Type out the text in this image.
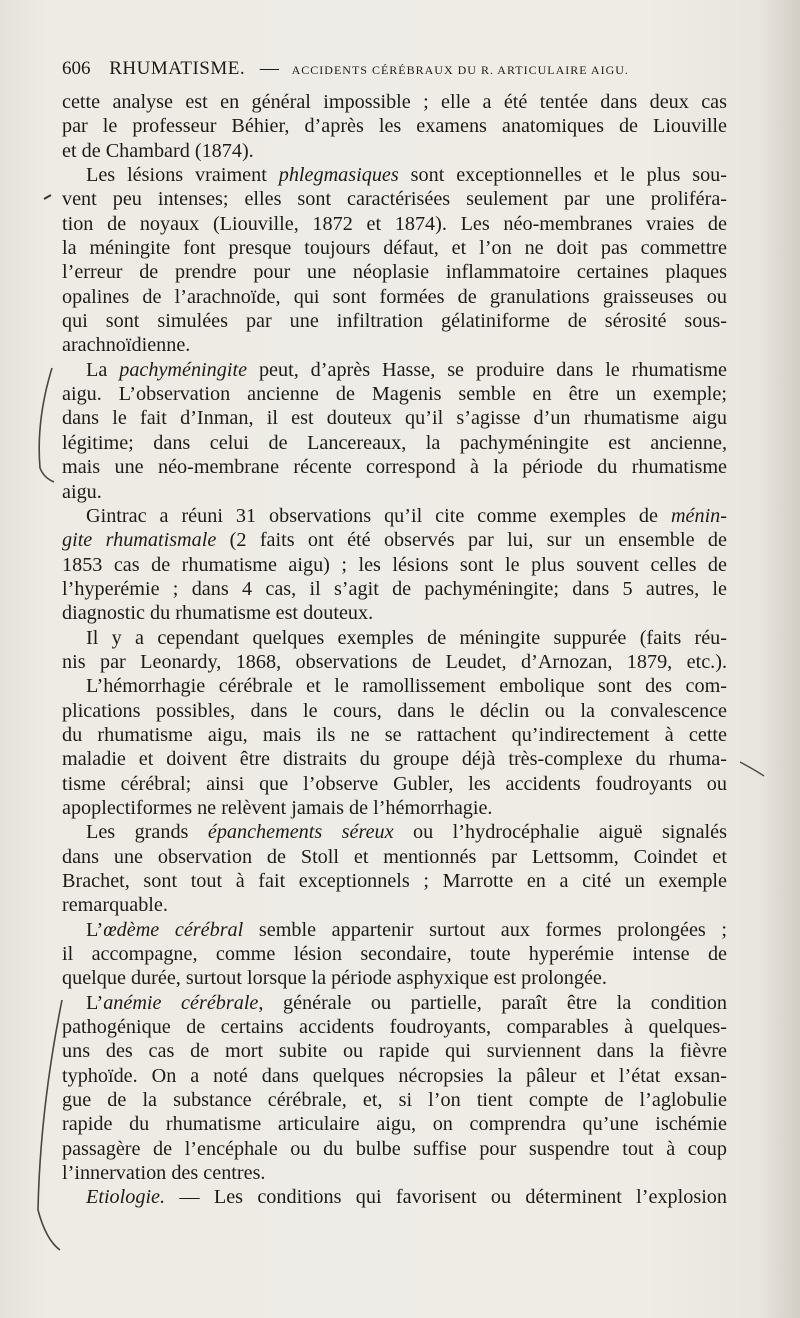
606 RHUMATISME. — ACCIDENTS CÉRÉBRAUX DU R. ARTICULAIRE AIGU.
cette analyse est en général impossible ; elle a été tentée dans deux cas
par le professeur Béhier, d’après les examens anatomiques de Liouville
et de Chambard (1874).
Les lésions vraiment phlegmasiques sont exceptionnelles et le plus sou-
vent peu intenses; elles sont caractérisées seulement par une proliféra-
tion de noyaux (Liouville, 1872 et 1874). Les néo-membranes vraies de
la méningite font presque toujours défaut, et l’on ne doit pas commettre
l’erreur de prendre pour une néoplasie inflammatoire certaines plaques
opalines de l’arachnoïde, qui sont formées de granulations graisseuses ou
qui sont simulées par une infiltration gélatiniforme de sérosité sous-
arachnoïdienne.
La pachyméningite peut, d’après Hasse, se produire dans le rhumatisme
aigu. L’observation ancienne de Magenis semble en être un exemple;
dans le fait d’Inman, il est douteux qu’il s’agisse d’un rhumatisme aigu
légitime; dans celui de Lancereaux, la pachyméningite est ancienne,
mais une néo-membrane récente correspond à la période du rhumatisme
aigu.
Gintrac a réuni 31 observations qu’il cite comme exemples de ménin-
gite rhumatismale (2 faits ont été observés par lui, sur un ensemble de
1853 cas de rhumatisme aigu) ; les lésions sont le plus souvent celles de
l’hyperémie ; dans 4 cas, il s’agit de pachyméningite; dans 5 autres, le
diagnostic du rhumatisme est douteux.
Il y a cependant quelques exemples de méningite suppurée (faits réu-
nis par Leonardy, 1868, observations de Leudet, d’Arnozan, 1879, etc.).
L’hémorrhagie cérébrale et le ramollissement embolique sont des com-
plications possibles, dans le cours, dans le déclin ou la convalescence
du rhumatisme aigu, mais ils ne se rattachent qu’indirectement à cette
maladie et doivent être distraits du groupe déjà très-complexe du rhuma-
tisme cérébral; ainsi que l’observe Gubler, les accidents foudroyants ou
apoplectiformes ne relèvent jamais de l’hémorrhagie.
Les grands épanchements séreux ou l’hydrocéphalie aiguë signalés
dans une observation de Stoll et mentionnés par Lettsomm, Coindet et
Brachet, sont tout à fait exceptionnels ; Marrotte en a cité un exemple
remarquable.
L’œdème cérébral semble appartenir surtout aux formes prolongées ;
il accompagne, comme lésion secondaire, toute hyperémie intense de
quelque durée, surtout lorsque la période asphyxique est prolongée.
L’anémie cérébrale, générale ou partielle, paraît être la condition
pathogénique de certains accidents foudroyants, comparables à quelques-
uns des cas de mort subite ou rapide qui surviennent dans la fièvre
typhoïde. On a noté dans quelques nécropsies la pâleur et l’état exsan-
gue de la substance cérébrale, et, si l’on tient compte de l’aglobulie
rapide du rhumatisme articulaire aigu, on comprendra qu’une ischémie
passagère de l’encéphale ou du bulbe suffise pour suspendre tout à coup
l’innervation des centres.
Etiologie. — Les conditions qui favorisent ou déterminent l’explosion
